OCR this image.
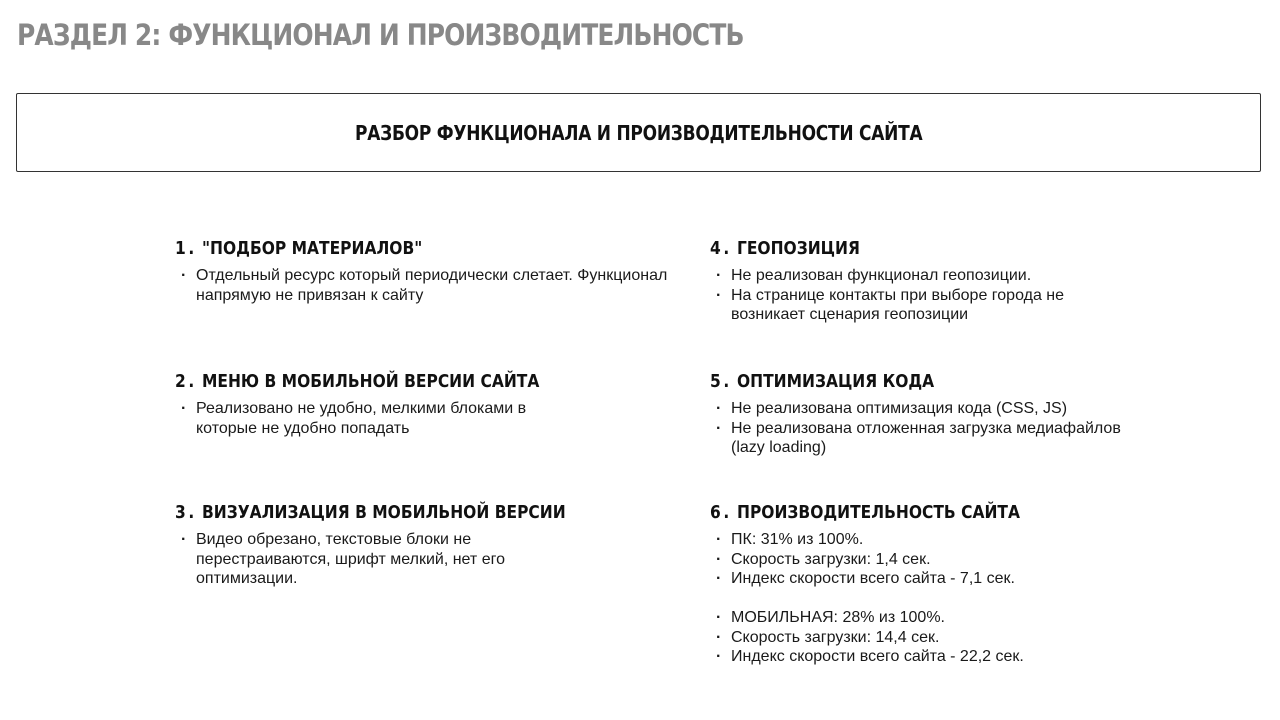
РАЗДЕЛ 2: ФУНКЦИОНАЛ И ПРОИЗВОДИТЕЛЬНОСТЬ
РАЗБОР ФУНКЦИОНАЛА И ПРОИЗВОДИТЕЛЬНОСТИ САЙТА
1. "ПОДБОР МАТЕРИАЛОВ"
· Отдельный ресурс который периодически слетает. Функционал напрямую не привязан к сайту
2. МЕНЮ В МОБИЛЬНОЙ ВЕРСИИ САЙТА
· Реализовано не удобно, мелкими блоками в которые не удобно попадать
3. ВИЗУАЛИЗАЦИЯ В МОБИЛЬНОЙ ВЕРСИИ
· Видео обрезано, текстовые блоки не перестраиваются, шрифт мелкий, нет его оптимизации.
4. ГЕОПОЗИЦИЯ
· Не реализован функционал геопозиции.
· На странице контакты при выборе города не возникает сценария геопозиции
5. ОПТИМИЗАЦИЯ КОДА
· Не реализована оптимизация кода (CSS, JS)
· Не реализована отложенная загрузка медиафайлов (lazy loading)
6. ПРОИЗВОДИТЕЛЬНОСТЬ САЙТА
· ПК: 31% из 100%.
· Скорость загрузки: 1,4 сек.
· Индекс скорости всего сайта - 7,1 сек.
· МОБИЛЬНАЯ: 28% из 100%.
· Скорость загрузки: 14,4 сек.
· Индекс скорости всего сайта - 22,2 сек.
